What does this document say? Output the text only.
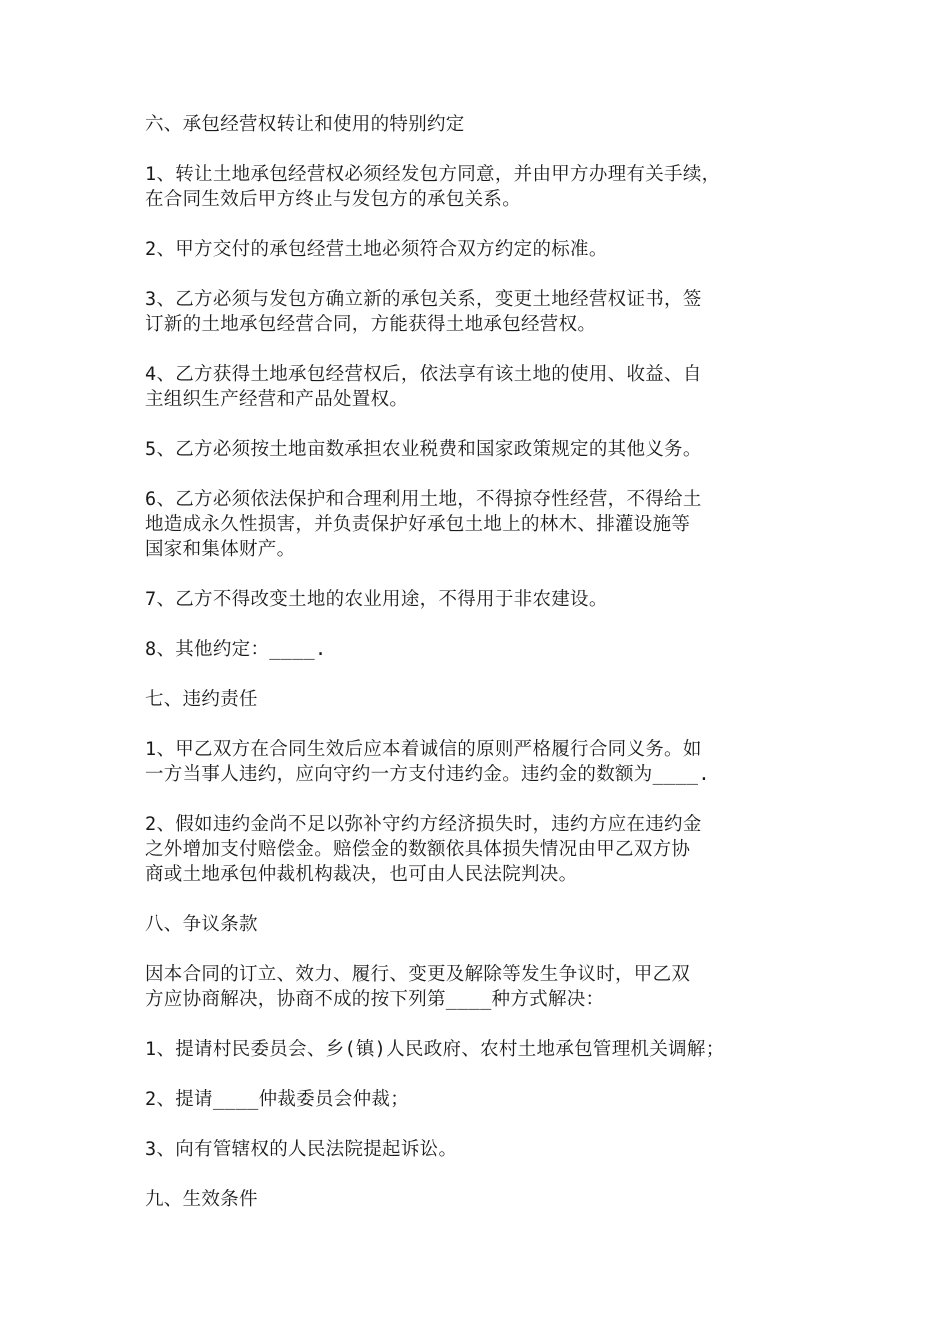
六、承包经营权转让和使用的特别约定

1、转让土地承包经营权必须经发包方同意，并由甲方办理有关手续，
在合同生效后甲方终止与发包方的承包关系。

2、甲方交付的承包经营土地必须符合双方约定的标准。

3、乙方必须与发包方确立新的承包关系，变更土地经营权证书，签
订新的土地承包经营合同，方能获得土地承包经营权。

4、乙方获得土地承包经营权后，依法享有该土地的使用、收益、自
主组织生产经营和产品处置权。

5、乙方必须按土地亩数承担农业税费和国家政策规定的其他义务。

6、乙方必须依法保护和合理利用土地，不得掠夺性经营，不得给土
地造成永久性损害，并负责保护好承包土地上的林木、排灌设施等
国家和集体财产。

7、乙方不得改变土地的农业用途，不得用于非农建设。

8、其他约定：____.

七、违约责任

1、甲乙双方在合同生效后应本着诚信的原则严格履行合同义务。如
一方当事人违约，应向守约一方支付违约金。违约金的数额为____.

2、假如违约金尚不足以弥补守约方经济损失时，违约方应在违约金
之外增加支付赔偿金。赔偿金的数额依具体损失情况由甲乙双方协
商或土地承包仲裁机构裁决，也可由人民法院判决。

八、争议条款

因本合同的订立、效力、履行、变更及解除等发生争议时，甲乙双
方应协商解决，协商不成的按下列第____种方式解决：

1、提请村民委员会、乡(镇)人民政府、农村土地承包管理机关调解；

2、提请____仲裁委员会仲裁；

3、向有管辖权的人民法院提起诉讼。

九、生效条件
